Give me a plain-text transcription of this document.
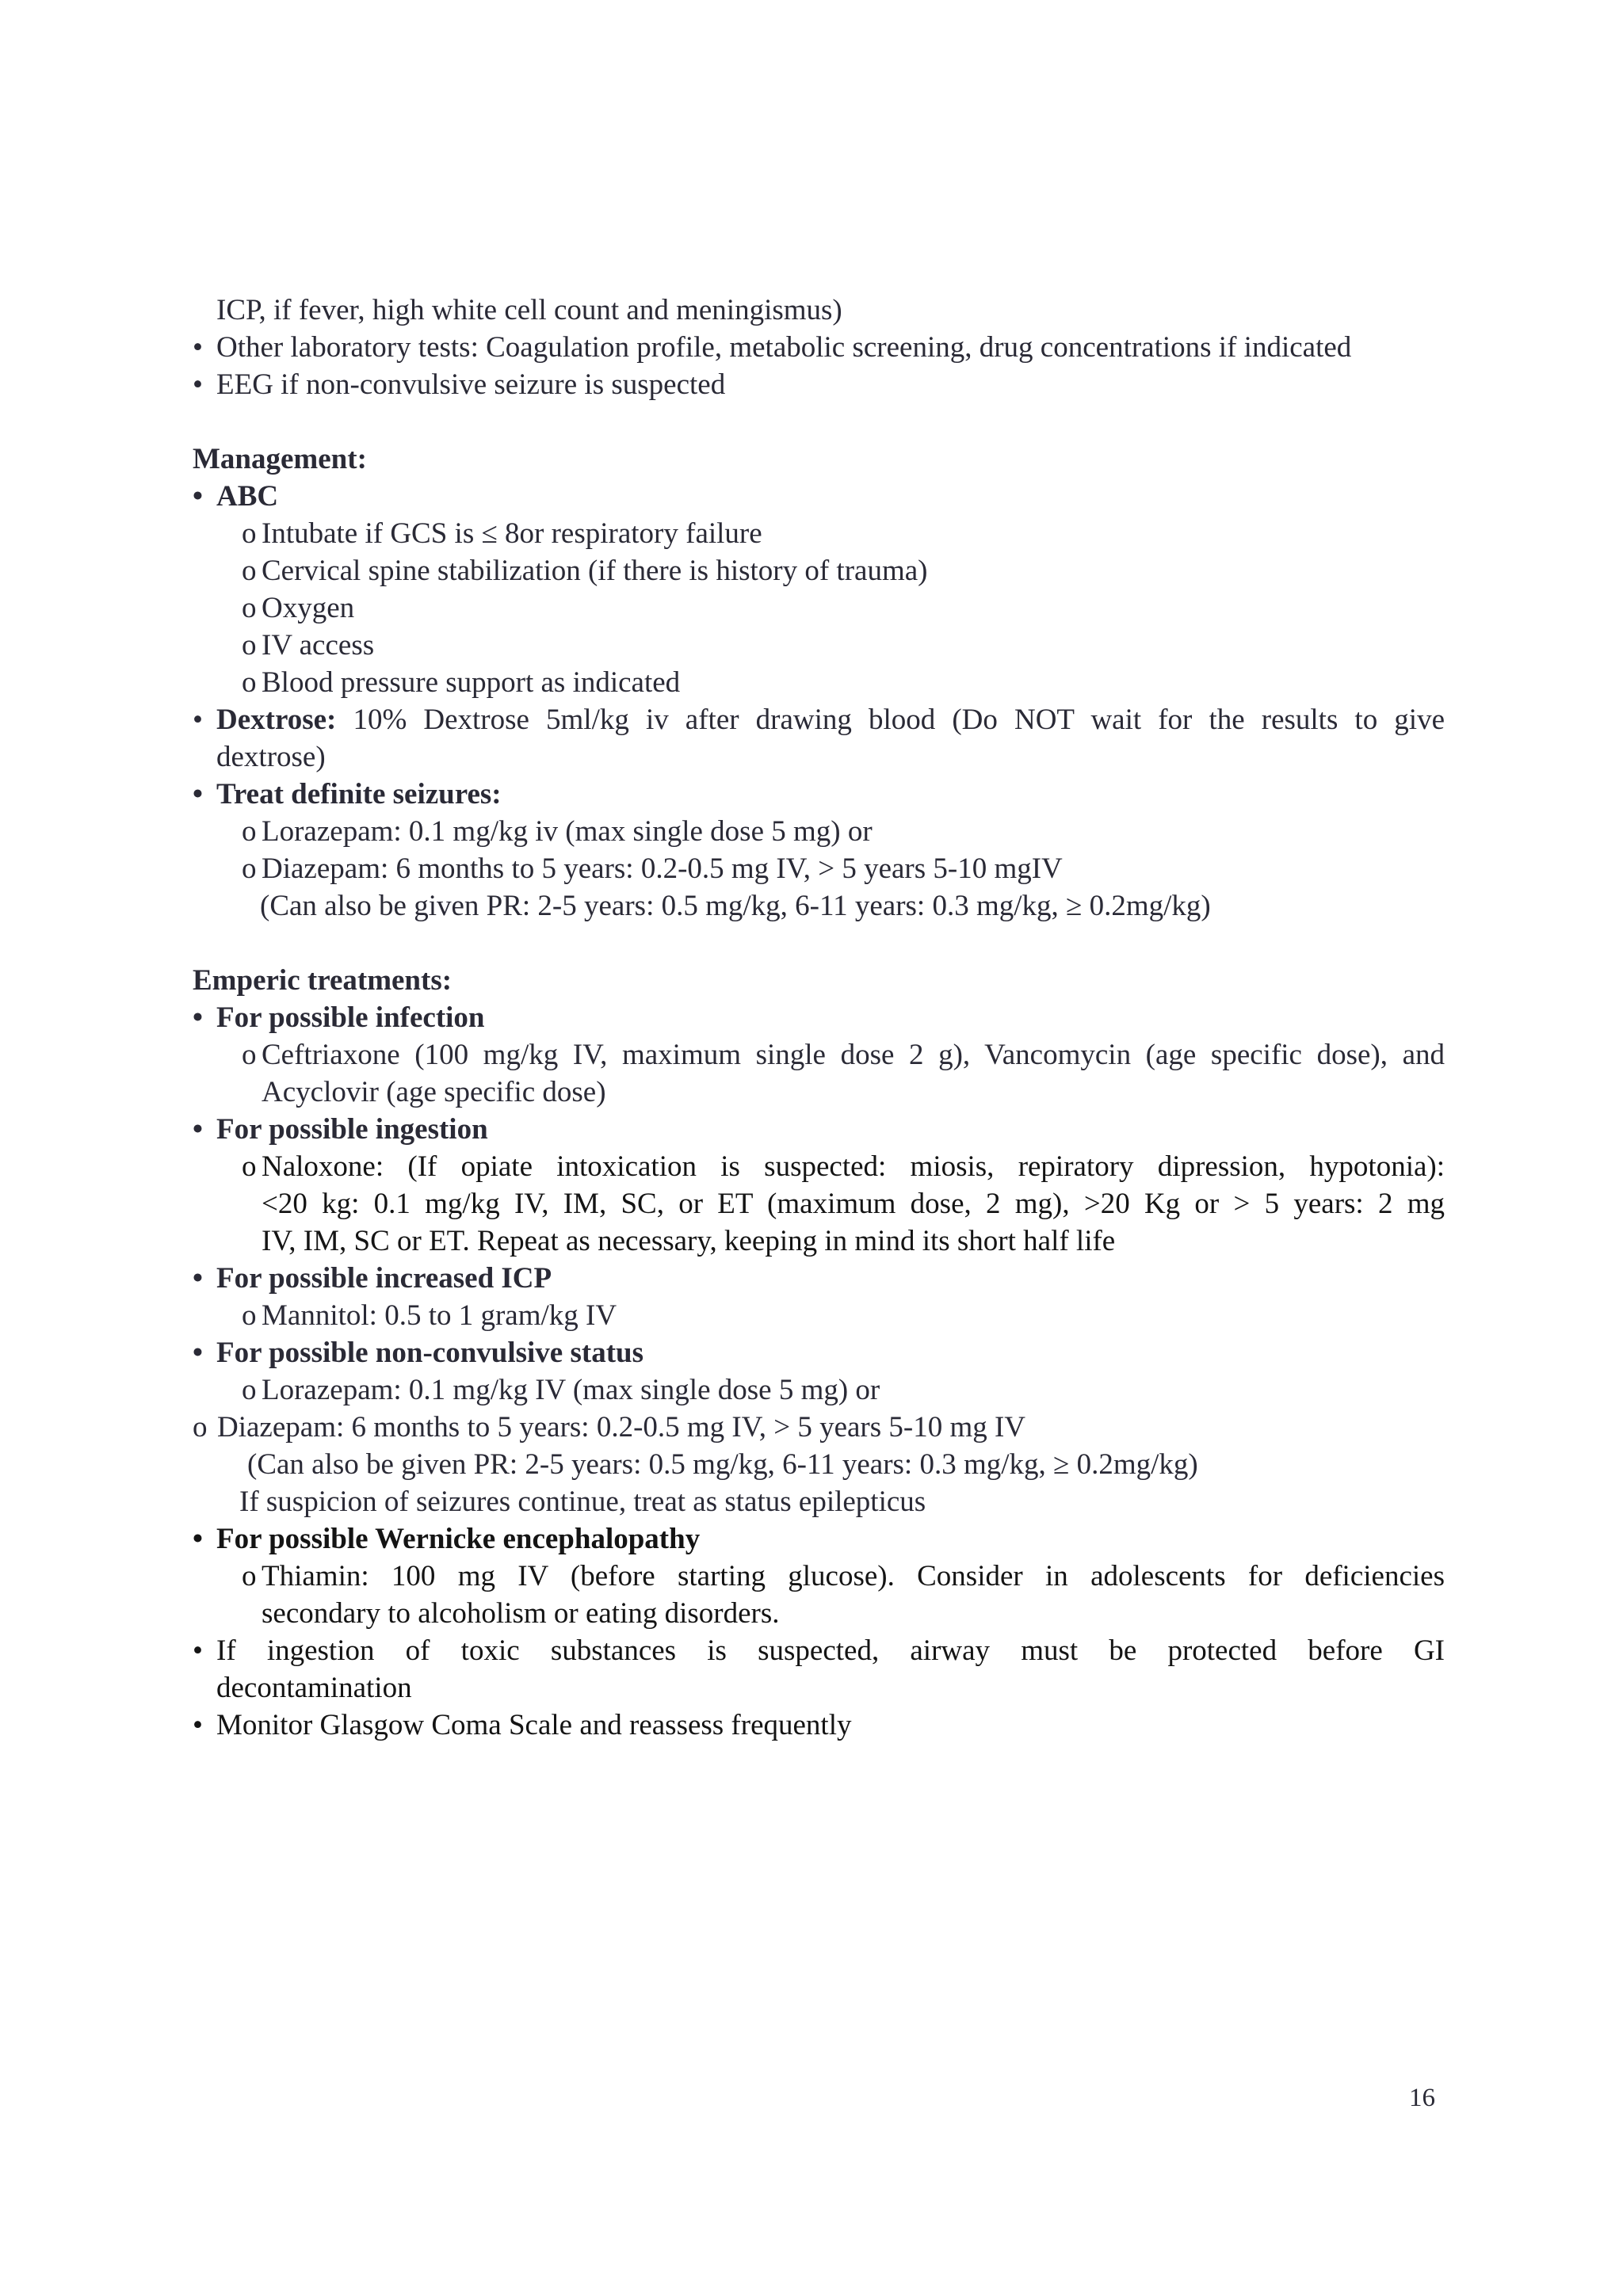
ICP, if fever, high white cell count and meningismus)
• Other laboratory tests: Coagulation profile, metabolic screening, drug concentrations if indicated
• EEG if non-convulsive seizure is suspected
Management:
• ABC
o Intubate if GCS is ≤ 8or respiratory failure
o Cervical spine stabilization (if there is history of trauma)
o Oxygen
o IV access
o Blood pressure support as indicated
• Dextrose: 10% Dextrose 5ml/kg iv after drawing blood (Do NOT wait for the results to give
dextrose)
• Treat definite seizures:
o Lorazepam: 0.1 mg/kg iv (max single dose 5 mg) or
o Diazepam: 6 months to 5 years: 0.2-0.5 mg IV, > 5 years 5-10 mgIV
(Can also be given PR: 2-5 years: 0.5 mg/kg, 6-11 years: 0.3 mg/kg, ≥ 0.2mg/kg)
Emperic treatments:
• For possible infection
o Ceftriaxone (100 mg/kg IV, maximum single dose 2 g), Vancomycin (age specific dose), and
Acyclovir (age specific dose)
• For possible ingestion
o Naloxone: (If opiate intoxication is suspected: miosis, repiratory dipression, hypotonia):
<20 kg: 0.1 mg/kg IV, IM, SC, or ET (maximum dose, 2 mg), >20 Kg or > 5 years: 2 mg
IV, IM, SC or ET. Repeat as necessary, keeping in mind its short half life
• For possible increased ICP
o Mannitol: 0.5 to 1 gram/kg IV
• For possible non-convulsive status
o Lorazepam: 0.1 mg/kg IV (max single dose 5 mg) or
o Diazepam: 6 months to 5 years: 0.2-0.5 mg IV, > 5 years 5-10 mg IV
(Can also be given PR: 2-5 years: 0.5 mg/kg, 6-11 years: 0.3 mg/kg, ≥ 0.2mg/kg)
If suspicion of seizures continue, treat as status epilepticus
• For possible Wernicke encephalopathy
o Thiamin: 100 mg IV (before starting glucose). Consider in adolescents for deficiencies
secondary to alcoholism or eating disorders.
• If ingestion of toxic substances is suspected, airway must be protected before GI
decontamination
• Monitor Glasgow Coma Scale and reassess frequently
16
